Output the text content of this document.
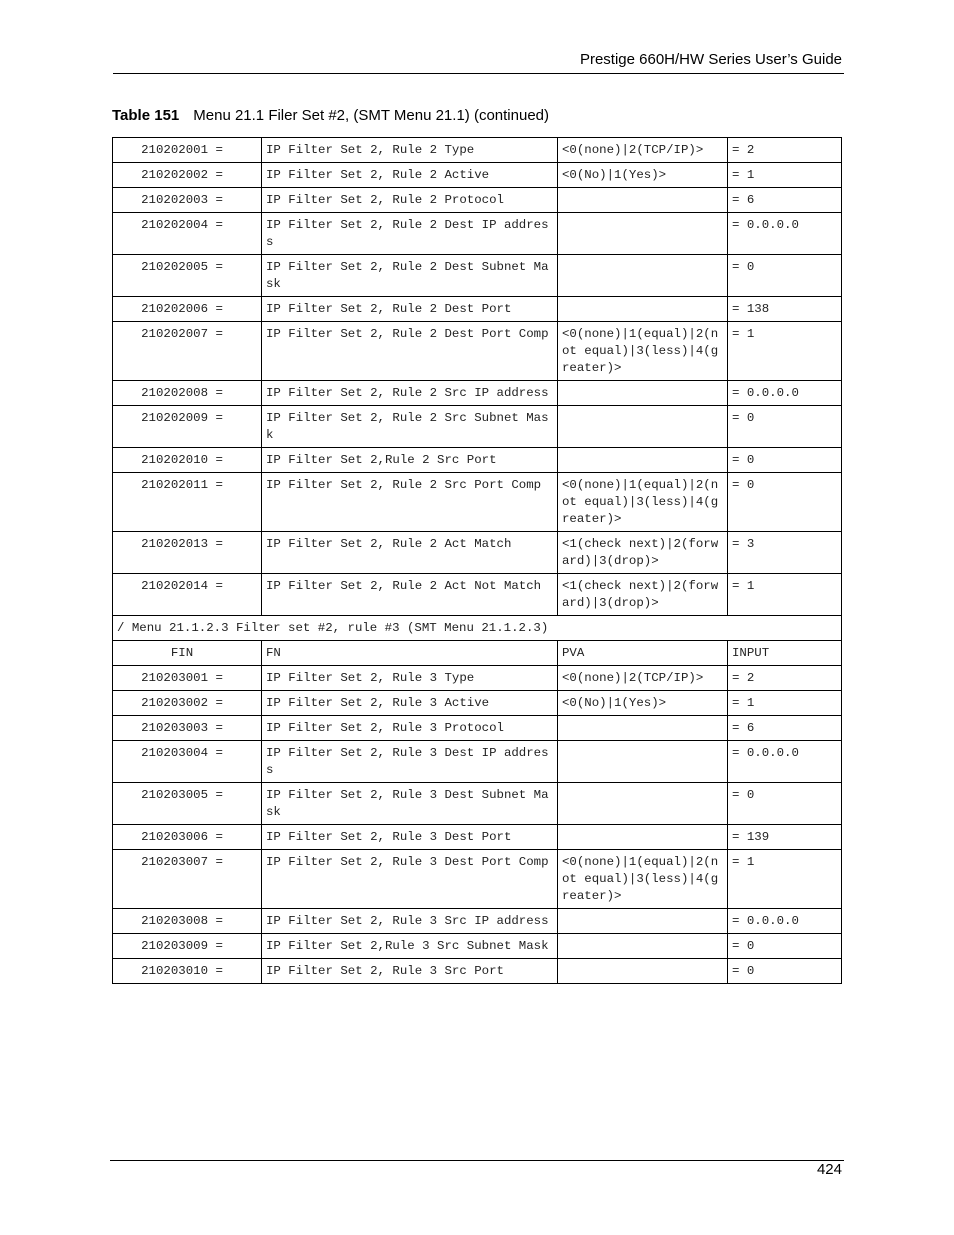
Prestige 660H/HW Series User’s Guide
Table 151 Menu 21.1 Filer Set #2, (SMT Menu 21.1) (continued)
210202001 =	IP Filter Set 2, Rule 2 Type	<0(none)|2(TCP/IP)>	= 2
210202002 =	IP Filter Set 2, Rule 2 Active	<0(No)|1(Yes)>	= 1
210202003 =	IP Filter Set 2, Rule 2 Protocol		= 6
210202004 =	IP Filter Set 2, Rule 2 Dest IP address		= 0.0.0.0
210202005 =	IP Filter Set 2, Rule 2 Dest Subnet Mask		= 0
210202006 =	IP Filter Set 2, Rule 2 Dest Port		= 138
210202007 =	IP Filter Set 2, Rule 2 Dest Port Comp	<0(none)|1(equal)|2(not equal)|3(less)|4(greater)>	= 1
210202008 =	IP Filter Set 2, Rule 2 Src IP address		= 0.0.0.0
210202009 =	IP Filter Set 2, Rule 2 Src Subnet Mask		= 0
210202010 =	IP Filter Set 2,Rule 2 Src Port		= 0
210202011 =	IP Filter Set 2, Rule 2 Src Port Comp	<0(none)|1(equal)|2(not equal)|3(less)|4(greater)>	= 0
210202013 =	IP Filter Set 2, Rule 2 Act Match	<1(check next)|2(forward)|3(drop)>	= 3
210202014 =	IP Filter Set 2, Rule 2 Act Not Match	<1(check next)|2(forward)|3(drop)>	= 1
/ Menu 21.1.2.3 Filter set #2, rule #3 (SMT Menu 21.1.2.3)			
FIN	FN	PVA	INPUT
210203001 =	IP Filter Set 2, Rule 3 Type	<0(none)|2(TCP/IP)>	= 2
210203002 =	IP Filter Set 2, Rule 3 Active	<0(No)|1(Yes)>	= 1
210203003 =	IP Filter Set 2, Rule 3 Protocol		= 6
210203004 =	IP Filter Set 2, Rule 3 Dest IP address		= 0.0.0.0
210203005 =	IP Filter Set 2, Rule 3 Dest Subnet Mask		= 0
210203006 =	IP Filter Set 2, Rule 3 Dest Port		= 139
210203007 =	IP Filter Set 2, Rule 3 Dest Port Comp	<0(none)|1(equal)|2(not equal)|3(less)|4(greater)>	= 1
210203008 =	IP Filter Set 2, Rule 3 Src IP address		= 0.0.0.0
210203009 =	IP Filter Set 2,Rule 3 Src Subnet Mask		= 0
210203010 =	IP Filter Set 2, Rule 3 Src Port		= 0
424
